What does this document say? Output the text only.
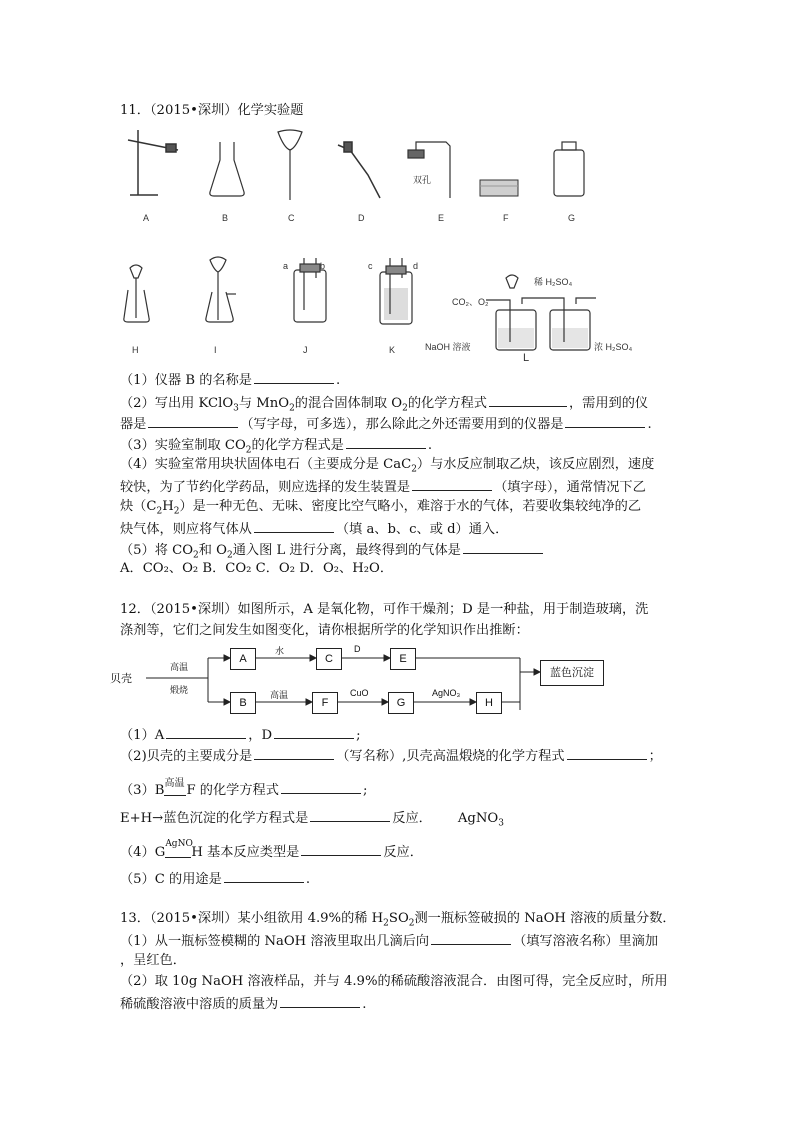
11．（2015•深圳）化学实验题
A	B	C	D
双孔
E	F	G
H	I
a	b
J
c	d
K
稀 H₂SO₄
CO₂、O₂
NaOH 溶液	浓 H₂SO₄
L
（1）仪器 B 的名称是	.
（2）写出用 KClO$_3$与 MnO$_2$的混合固体制取 $O_2$的化学方程式	，需用到的仪
器是	（写字母，可多选），那么除此之外还需要用到的仪器是	.
（3）实验室制取 $CO_2$的化学方程式是	.
（4）实验室常用块状固体电石（主要成分是 CaC$_2$）与水反应制取乙炔，该反应剧烈，速度
较快，为了节约化学药品，则应选择的发生装置是	（填字母），通常情况下乙
炔$(C_2H_2)$是一种无色、无味、密度比空气略小，难溶于水的气体，若要收集较纯净的乙
炔气体，则应将气体从	（填 a、b、c、或 d）通入．
（5）将 $CO_2$和 $O_2$通入图 L 进行分离，最终得到的气体是
A．CO₂、O₂ B．CO₂ C．O₂ D．O₂、H₂O．
12．（2015•深圳）如图所示，A 是氧化物，可作干燥剂；D 是一种盐，用于制造玻璃，洗
涤剂等，它们之间发生如图变化，请你根据所学的化学知识作出推断：
贝壳
高温
煅烧
A
水
C
D
E
B
高温
F
CuO
G
AgNO₃
H
蓝色沉淀
（1）A	，D	;
（2)贝壳的主要成分是	（写名称）,贝壳高温煅烧的化学方程式	；
（3）B 高温 F 的化学方程式	;
E+H→蓝色沉淀的化学方程式是	反应． AgNO$_3$
（4）G
AgNO
H 基本反应类型是	反应．
（5）C 的用途是	.
13．（2015•深圳）某小组欲用 4.9%的稀 $H_2SO_2$测一瓶标签破损的 NaOH 溶液的质量分数．
（1）从一瓶标签模糊的 NaOH 溶液里取出几滴后向	（填写溶液名称）里滴加
，呈红色．
（2）取 10g NaOH 溶液样品，并与 4.9%的稀硫酸溶液混合．由图可得，完全反应时，所用
稀硫酸溶液中溶质的质量为	.
